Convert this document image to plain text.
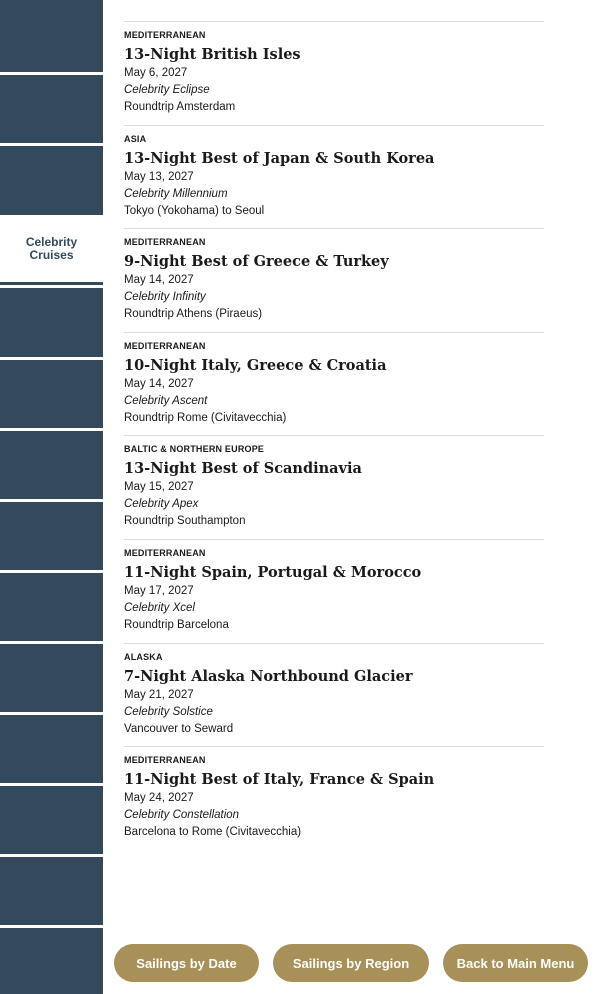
Celebrity Cruises
MEDITERRANEAN
13-Night British Isles
May 6, 2027
Celebrity Eclipse
Roundtrip Amsterdam
ASIA
13-Night Best of Japan & South Korea
May 13, 2027
Celebrity Millennium
Tokyo (Yokohama) to Seoul
MEDITERRANEAN
9-Night Best of Greece & Turkey
May 14, 2027
Celebrity Infinity
Roundtrip Athens (Piraeus)
MEDITERRANEAN
10-Night Italy, Greece & Croatia
May 14, 2027
Celebrity Ascent
Roundtrip Rome (Civitavecchia)
BALTIC & NORTHERN EUROPE
13-Night Best of Scandinavia
May 15, 2027
Celebrity Apex
Roundtrip Southampton
MEDITERRANEAN
11-Night Spain, Portugal & Morocco
May 17, 2027
Celebrity Xcel
Roundtrip Barcelona
ALASKA
7-Night Alaska Northbound Glacier
May 21, 2027
Celebrity Solstice
Vancouver to Seward
MEDITERRANEAN
11-Night Best of Italy, France & Spain
May 24, 2027
Celebrity Constellation
Barcelona to Rome (Civitavecchia)
Sailings by Date	Sailings by Region	Back to Main Menu
